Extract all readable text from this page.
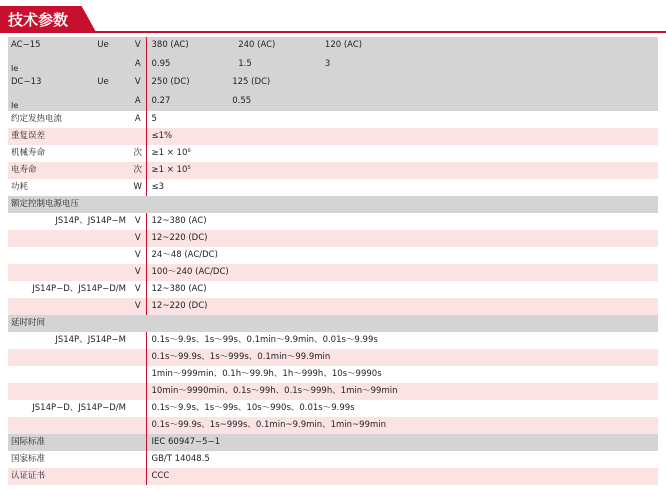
技术参数
AC−15	Ue	V	380 (AC) 240 (AC) 120 (AC)

Ie		A	0.95 1.5 3
DC−13	Ue	V	250 (DC) 125 (DC)

Ie		A	0.27 0.55
约定发热电流		A	5
重复误差			≤1%
机械寿命		次	≥1 × 10⁶
电寿命		次	≥1 × 10⁵
功耗		W	≤3
额定控制电源电压			
JS14P、JS14P−M		V	12~380 (AC)
		V	12~220 (DC)
		V	24～48 (AC/DC)
		V	100～240 (AC/DC)
JS14P−D、JS14P−D/M		V	12~380 (AC)
		V	12~220 (DC)
延时时间			
JS14P、JS14P−M			0.1s～9.9s、1s～99s、0.1min～9.9min、0.01s～9.99s
			0.1s～99.9s、1s～999s、0.1min～99.9min
			1min～999min、0.1h～99.9h、1h～999h、10s～9990s
			10min～9990min、0.1s～99h、0.1s～999h、1min～99min
JS14P−D、JS14P−D/M			0.1s～9.9s、1s～99s、10s～990s、0.01s～9.99s
			0.1s～99.9s、1s~999s、0.1min~9.9min、1min~99min
国际标准			IEC 60947−5−1
国家标准			GB/T 14048.5
认证证书			CCC
